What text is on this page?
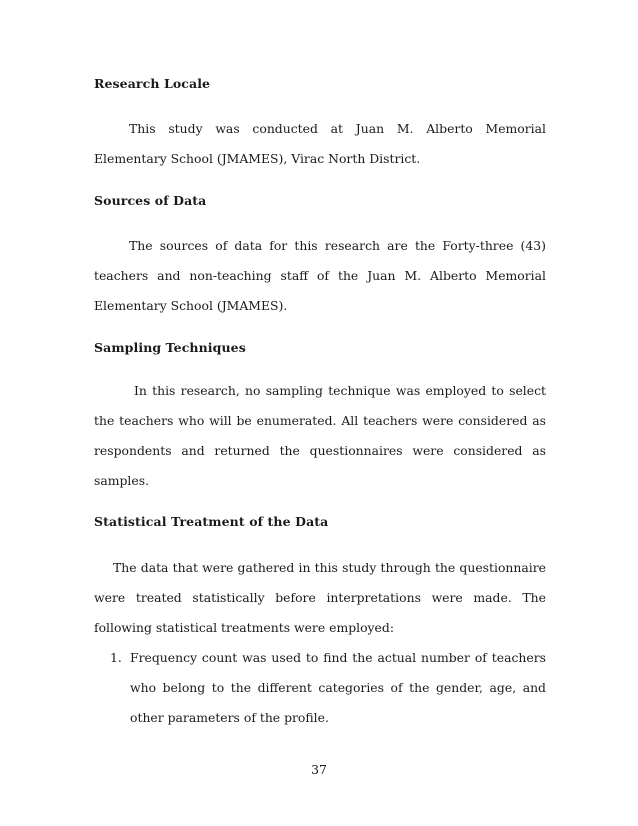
Research Locale
This study was conducted at Juan M. Alberto Memorial Elementary School (JMAMES), Virac North District.
Sources of Data
The sources of data for this research are the Forty-three (43) teachers and non-teaching staff of the Juan M. Alberto Memorial Elementary School (JMAMES).
Sampling Techniques
In this research, no sampling technique was employed to select the teachers who will be enumerated. All teachers were considered as respondents and returned the questionnaires were considered as samples.
Statistical Treatment of the Data
The data that were gathered in this study through the questionnaire were treated statistically before interpretations were made. The following statistical treatments were employed:
1. Frequency count was used to find the actual number of teachers who belong to the different categories of the gender, age, and other parameters of the profile.
37
